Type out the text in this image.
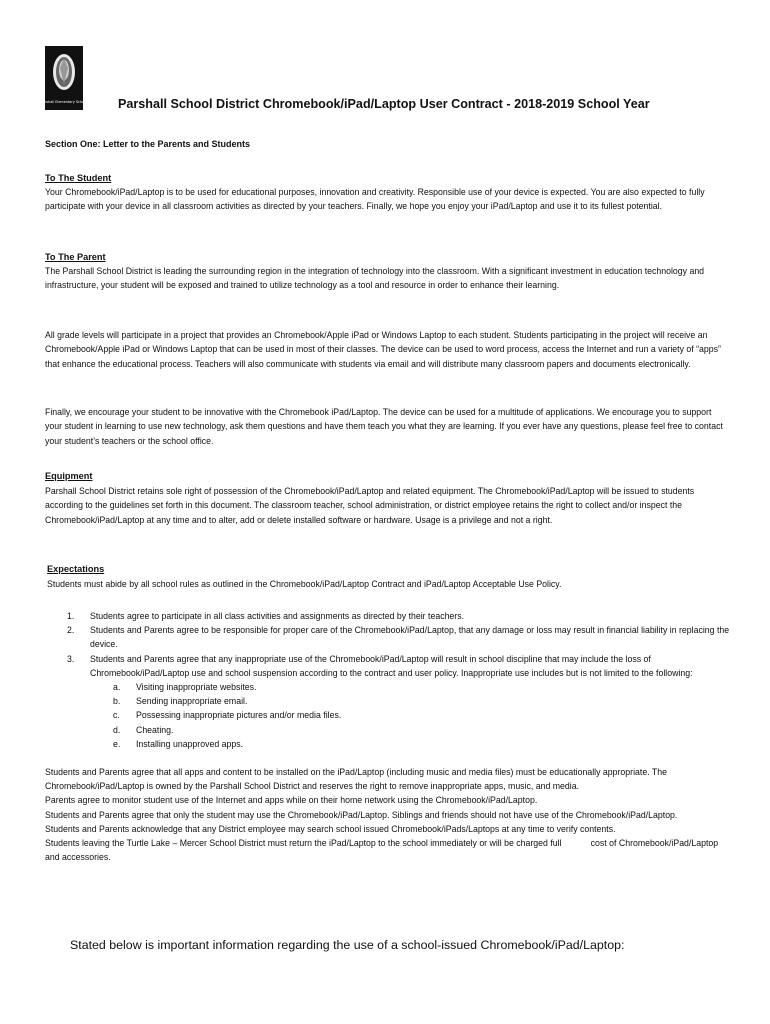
Parshall Elementary School Parshall School District Chromebook/iPad/Laptop User Contract - 2018-2019 School Year
Section One: Letter to the Parents and Students
To The Student
Your Chromebook/iPad/Laptop is to be used for educational purposes, innovation and creativity. Responsible use of your device is expected. You are also expected to fully participate with your device in all classroom activities as directed by your teachers. Finally, we hope you enjoy your iPad/Laptop and use it to its fullest potential.
To The Parent
The Parshall School District is leading the surrounding region in the integration of technology into the classroom. With a significant investment in education technology and infrastructure, your student will be exposed and trained to utilize technology as a tool and resource in order to enhance their learning.
All grade levels will participate in a project that provides an Chromebook/Apple iPad or Windows Laptop to each student. Students participating in the project will receive an Chromebook/Apple iPad or Windows Laptop that can be used in most of their classes. The device can be used to word process, access the Internet and run a variety of “apps” that enhance the educational process. Teachers will also communicate with students via email and will distribute many classroom papers and documents electronically.
Finally, we encourage your student to be innovative with the Chromebook iPad/Laptop. The device can be used for a multitude of applications. We encourage you to support your student in learning to use new technology, ask them questions and have them teach you what they are learning. If you ever have any questions, please feel free to contact your student’s teachers or the school office.
Equipment
Parshall School District retains sole right of possession of the Chromebook/iPad/Laptop and related equipment. The Chromebook/iPad/Laptop will be issued to students according to the guidelines set forth in this document. The classroom teacher, school administration, or district employee retains the right to collect and/or inspect the Chromebook/iPad/Laptop at any time and to alter, add or delete installed software or hardware. Usage is a privilege and not a right.
Expectations
Students must abide by all school rules as outlined in the Chromebook/iPad/Laptop Contract and iPad/Laptop Acceptable Use Policy.
1. Students agree to participate in all class activities and assignments as directed by their teachers.
2. Students and Parents agree to be responsible for proper care of the Chromebook/iPad/Laptop, that any damage or loss may result in financial liability in replacing the device.
3. Students and Parents agree that any inappropriate use of the Chromebook/iPad/Laptop will result in school discipline that may include the loss of Chromebook/iPad/Laptop use and school suspension according to the contract and user policy. Inappropriate use includes but is not limited to the following:
a. Visiting inappropriate websites.
b. Sending inappropriate email.
c. Possessing inappropriate pictures and/or media files.
d. Cheating.
e. Installing unapproved apps.

Students and Parents agree that all apps and content to be installed on the iPad/Laptop (including music and media files) must be educationally appropriate. The Chromebook/iPad/Laptop is owned by the Parshall School District and reserves the right to remove inappropriate apps, music, and media.

Parents agree to monitor student use of the Internet and apps while on their home network using the Chromebook/iPad/Laptop.

Students and Parents agree that only the student may use the Chromebook/iPad/Laptop. Siblings and friends should not have use of the Chromebook/iPad/Laptop.

Students and Parents acknowledge that any District employee may search school issued Chromebook/iPads/Laptops at any time to verify contents.

Students leaving the Turtle Lake – Mercer School District must return the iPad/Laptop to the school immediately or will be charged full            cost of Chromebook/iPad/Laptop and accessories.

Stated below is important information regarding the use of a school-issued Chromebook/iPad/Laptop:
